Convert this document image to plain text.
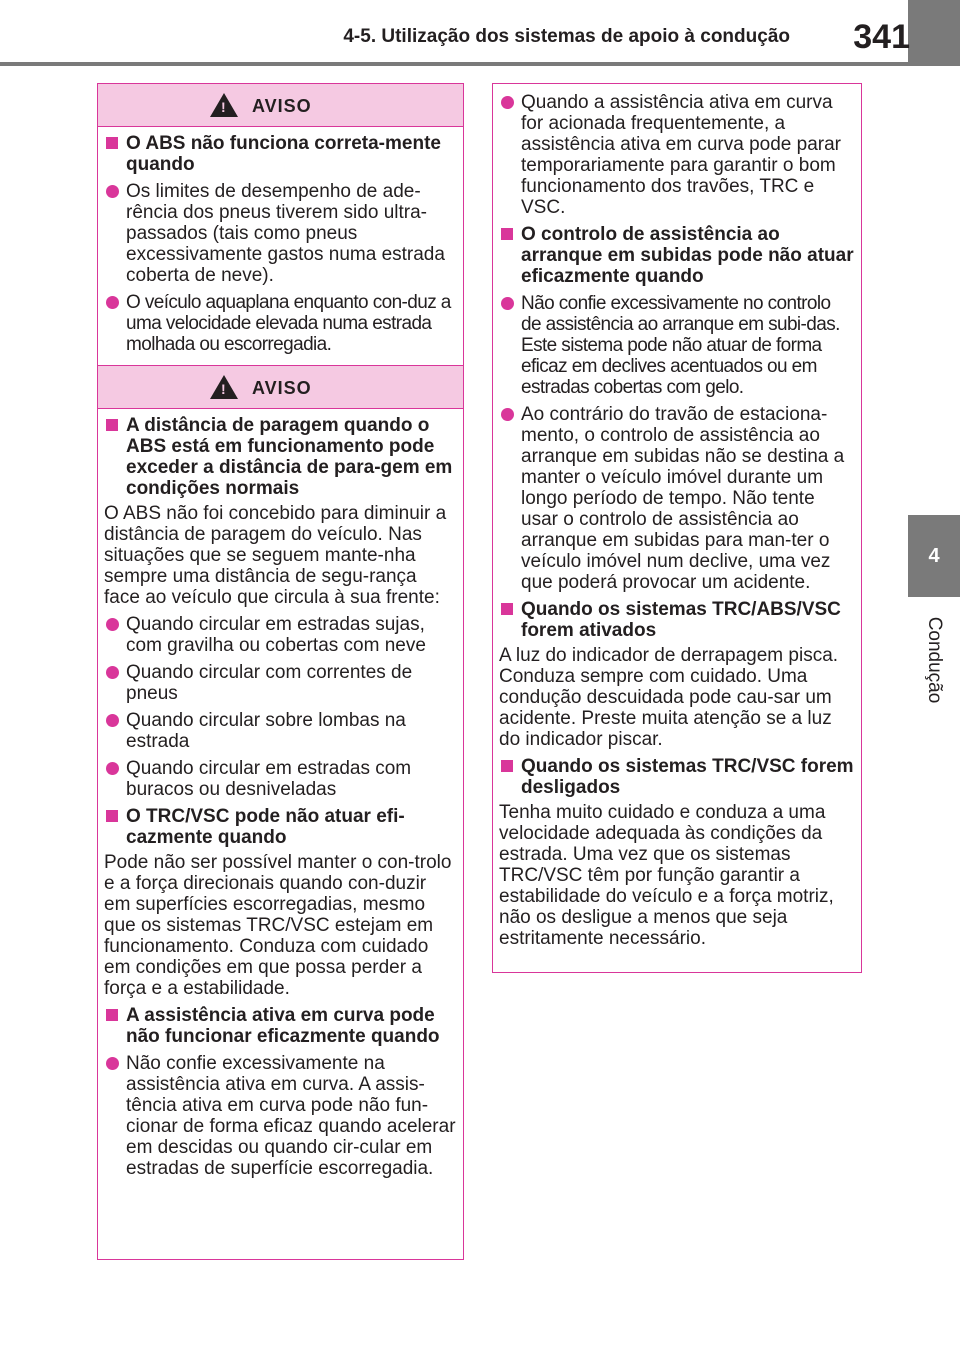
4-5. Utilização dos sistemas de apoio à condução	341
4
Condução
!
AVISO
O ABS não funciona correta-mente quando
Os limites de desempenho de ade-rência dos pneus tiverem sido ultra-passados (tais como pneus excessivamente gastos numa estrada coberta de neve).
O veículo aquaplana enquanto con-duz a uma velocidade elevada numa estrada molhada ou escorregadia.
!
AVISO
A distância de paragem quando o ABS está em funcionamento pode exceder a distância de para-gem em condições normais
O ABS não foi concebido para diminuir a distância de paragem do veículo. Nas situações que se seguem mante-nha sempre uma distância de segu-rança face ao veículo que circula à sua frente:
Quando circular em estradas sujas, com gravilha ou cobertas com neve
Quando circular com correntes de pneus
Quando circular sobre lombas na estrada
Quando circular em estradas com buracos ou desniveladas
O TRC/VSC pode não atuar efi-cazmente quando
Pode não ser possível manter o con-trolo e a força direcionais quando con-duzir em superfícies escorregadias, mesmo que os sistemas TRC/VSC estejam em funcionamento. Conduza com cuidado em condições em que possa perder a força e a estabilidade.
A assistência ativa em curva pode não funcionar eficazmente quando
Não confie excessivamente na assistência ativa em curva. A assis-tência ativa em curva pode não fun-cionar de forma eficaz quando acelerar em descidas ou quando cir-cular em estradas de superfície escorregadia.
Quando a assistência ativa em curva for acionada frequentemente, a assistência ativa em curva pode parar temporariamente para garantir o bom funcionamento dos travões, TRC e VSC.
O controlo de assistência ao arranque em subidas pode não atuar eficazmente quando
Não confie excessivamente no controlo de assistência ao arranque em subi-das. Este sistema pode não atuar de forma eficaz em declives acentuados ou em estradas cobertas com gelo.
Ao contrário do travão de estaciona-mento, o controlo de assistência ao arranque em subidas não se destina a manter o veículo imóvel durante um longo período de tempo. Não tente usar o controlo de assistência ao arranque em subidas para man-ter o veículo imóvel num declive, uma vez que poderá provocar um acidente.
Quando os sistemas TRC/ABS/VSC forem ativados
A luz do indicador de derrapagem pisca. Conduza sempre com cuidado. Uma condução descuidada pode cau-sar um acidente. Preste muita atenção se a luz do indicador piscar.
Quando os sistemas TRC/VSC forem desligados
Tenha muito cuidado e conduza a uma velocidade adequada às condições da estrada. Uma vez que os sistemas TRC/VSC têm por função garantir a estabilidade do veículo e a força motriz, não os desligue a menos que seja estritamente necessário.
